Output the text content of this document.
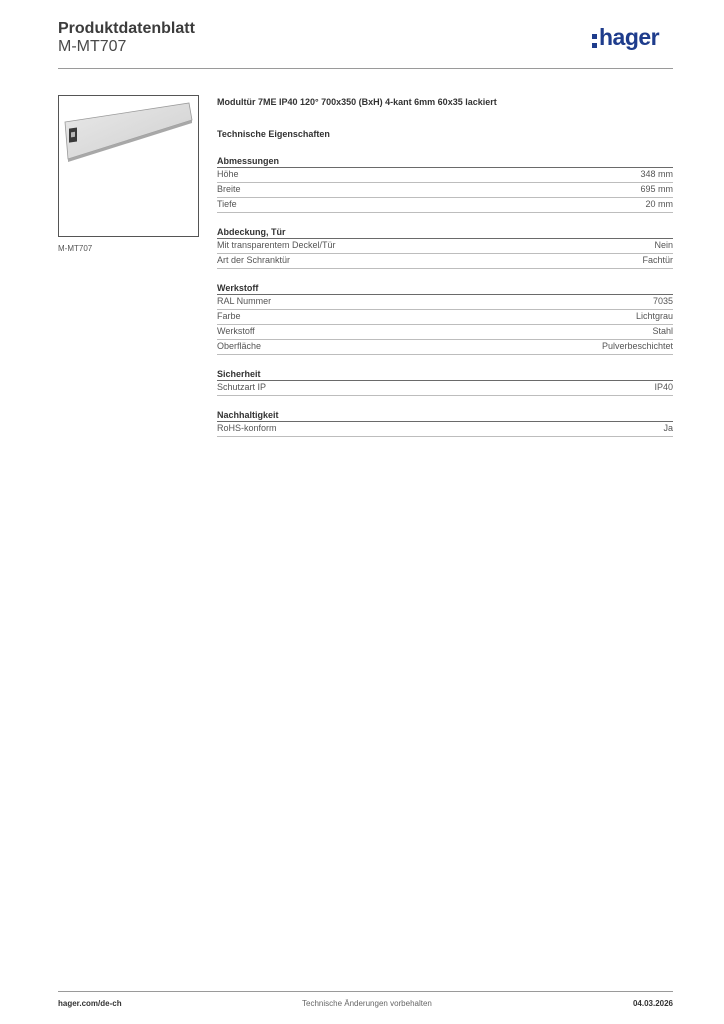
Produktdatenblatt
M-MT707	hager
M-MT707
Modultür 7ME IP40 120° 700x350 (BxH) 4-kant 6mm 60x35 lackiert
Technische Eigenschaften
Abmessungen
Höhe	348 mm
Breite	695 mm
Tiefe	20 mm
Abdeckung, Tür
Mit transparentem Deckel/Tür	Nein
Art der Schranktür	Fachtür
Werkstoff
RAL Nummer	7035
Farbe	Lichtgrau
Werkstoff	Stahl
Oberfläche	Pulverbeschichtet
Sicherheit
Schutzart IP	IP40
Nachhaltigkeit
RoHS-konform	Ja
hager.com/de-ch	Technische Änderungen vorbehalten	04.03.2026
